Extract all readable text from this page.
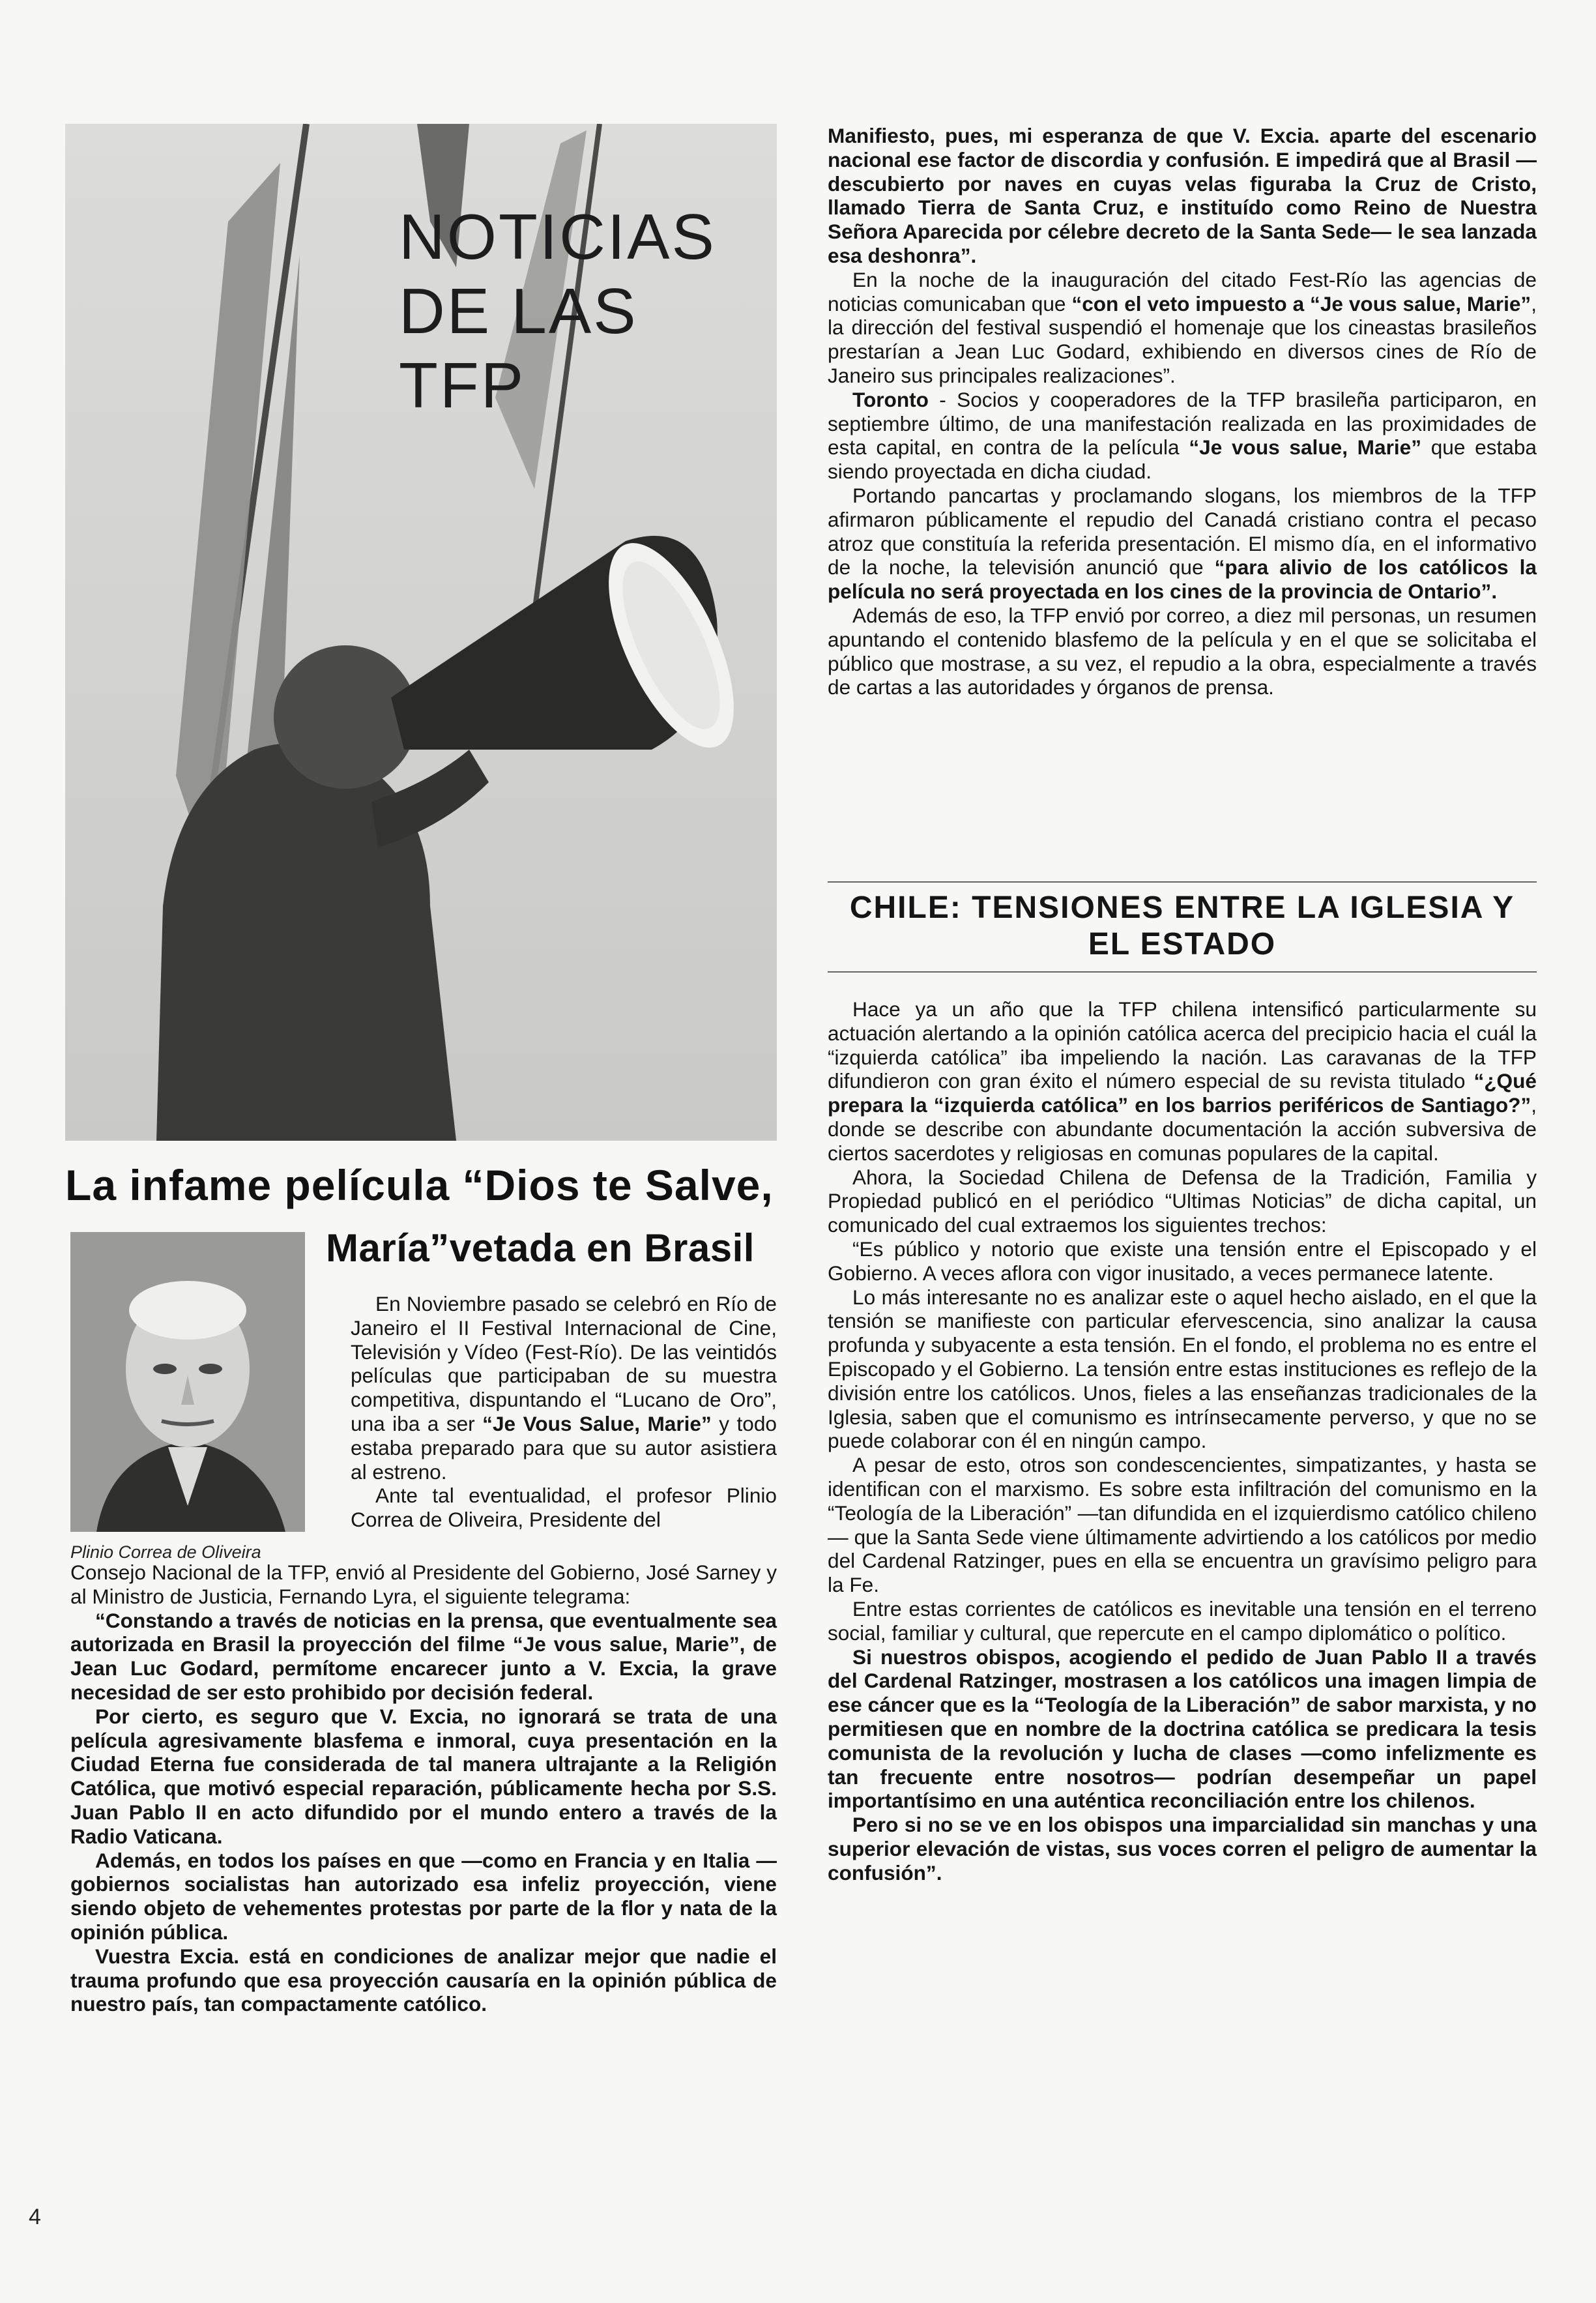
NOTICIAS
DE LAS
TFP
La infame película “Dios te Salve,
María”vetada en Brasil
Plinio Correa de Oliveira

En Noviembre pasado se celebró en Río de Janeiro el II Festival Internacional de Cine, Televisión y Vídeo (Fest-Río). De las veintidós películas que participaban de su muestra competitiva, dispuntando el “Lucano de Oro”, una iba a ser “Je Vous Salue, Marie” y todo estaba preparado para que su autor asistiera al estreno.

Ante tal eventualidad, el profesor Plinio Correa de Oliveira, Presidente del

Consejo Nacional de la TFP, envió al Presidente del Gobierno, José Sarney y al Ministro de Justicia, Fernando Lyra, el siguiente telegrama:

“Constando a través de noticias en la prensa, que eventualmente sea autorizada en Brasil la proyección del filme “Je vous salue, Marie”, de Jean Luc Godard, permítome encarecer junto a V. Excia, la grave necesidad de ser esto prohibido por decisión federal.

Por cierto, es seguro que V. Excia, no ignorará se trata de una película agresivamente blasfema e inmoral, cuya presentación en la Ciudad Eterna fue considerada de tal manera ultrajante a la Religión Católica, que motivó especial reparación, públicamente hecha por S.S. Juan Pablo II en acto difundido por el mundo entero a través de la Radio Vaticana.

Además, en todos los países en que —como en Francia y en Italia —gobiernos socialistas han autorizado esa infeliz proyección, viene siendo objeto de vehementes protestas por parte de la flor y nata de la opinión pública.

Vuestra Excia. está en condiciones de analizar mejor que nadie el trauma profundo que esa proyección causaría en la opinión pública de nuestro país, tan compactamente católico.

Manifiesto, pues, mi esperanza de que V. Excia. aparte del escenario nacional ese factor de discordia y confusión. E impedirá que al Brasil —descubierto por naves en cuyas velas figuraba la Cruz de Cristo, llamado Tierra de Santa Cruz, e instituído como Reino de Nuestra Señora Aparecida por célebre decreto de la Santa Sede— le sea lanzada esa deshonra”.

En la noche de la inauguración del citado Fest-Río las agencias de noticias comunicaban que “con el veto impuesto a “Je vous salue, Marie”, la dirección del festival suspendió el homenaje que los cineastas brasileños prestarían a Jean Luc Godard, exhibiendo en diversos cines de Río de Janeiro sus principales realizaciones”.

Toronto - Socios y cooperadores de la TFP brasileña participaron, en septiembre último, de una manifestación realizada en las proximidades de esta capital, en contra de la película “Je vous salue, Marie” que estaba siendo proyectada en dicha ciudad.

Portando pancartas y proclamando slogans, los miembros de la TFP afirmaron públicamente el repudio del Canadá cristiano contra el pecaso atroz que constituía la referida presentación. El mismo día, en el informativo de la noche, la televisión anunció que “para alivio de los católicos la película no será proyectada en los cines de la provincia de Ontario”.

Además de eso, la TFP envió por correo, a diez mil personas, un resumen apuntando el contenido blasfemo de la película y en el que se solicitaba el público que mostrase, a su vez, el repudio a la obra, especialmente a través de cartas a las autoridades y órganos de prensa.

CHILE: TENSIONES ENTRE LA IGLESIA Y EL ESTADO

Hace ya un año que la TFP chilena intensificó particularmente su actuación alertando a la opinión católica acerca del precipicio hacia el cuál la “izquierda católica” iba impeliendo la nación. Las caravanas de la TFP difundieron con gran éxito el número especial de su revista titulado “¿Qué prepara la “izquierda católica” en los barrios periféricos de Santiago?”, donde se describe con abundante documentación la acción subversiva de ciertos sacerdotes y religiosas en comunas populares de la capital.

Ahora, la Sociedad Chilena de Defensa de la Tradición, Familia y Propiedad publicó en el periódico “Ultimas Noticias” de dicha capital, un comunicado del cual extraemos los siguientes trechos:

“Es público y notorio que existe una tensión entre el Episcopado y el Gobierno. A veces aflora con vigor inusitado, a veces permanece latente.

Lo más interesante no es analizar este o aquel hecho aislado, en el que la tensión se manifieste con particular efervescencia, sino analizar la causa profunda y subyacente a esta tensión. En el fondo, el problema no es entre el Episcopado y el Gobierno. La tensión entre estas instituciones es reflejo de la división entre los católicos. Unos, fieles a las enseñanzas tradicionales de la Iglesia, saben que el comunismo es intrínsecamente perverso, y que no se puede colaborar con él en ningún campo.

A pesar de esto, otros son condescencientes, simpatizantes, y hasta se identifican con el marxismo. Es sobre esta infiltración del comunismo en la “Teología de la Liberación” —tan difundida en el izquierdismo católico chileno— que la Santa Sede viene últimamente advirtiendo a los católicos por medio del Cardenal Ratzinger, pues en ella se encuentra un gravísimo peligro para la Fe.

Entre estas corrientes de católicos es inevitable una tensión en el terreno social, familiar y cultural, que repercute en el campo diplomático o político.

Si nuestros obispos, acogiendo el pedido de Juan Pablo II a través del Cardenal Ratzinger, mostrasen a los católicos una imagen limpia de ese cáncer que es la “Teología de la Liberación” de sabor marxista, y no permitiesen que en nombre de la doctrina católica se predicara la tesis comunista de la revolución y lucha de clases —como infelizmente es tan frecuente entre nosotros— podrían desempeñar un papel importantísimo en una auténtica reconciliación entre los chilenos.

Pero si no se ve en los obispos una imparcialidad sin manchas y una superior elevación de vistas, sus voces corren el peligro de aumentar la confusión”.

4
